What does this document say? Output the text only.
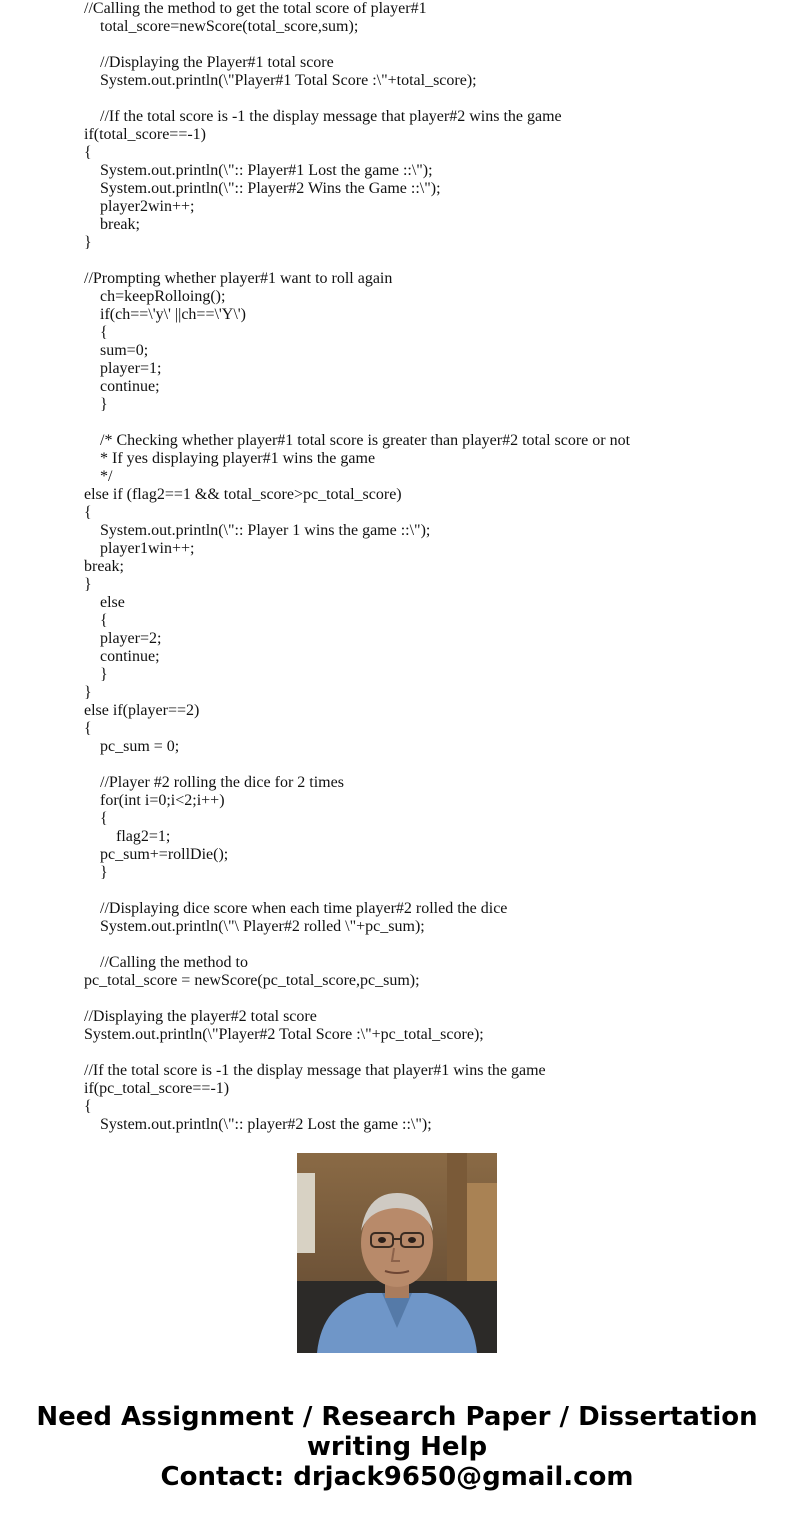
//Calling the method to get the total score of player#1
total_score=newScore(total_score,sum);
//Displaying the Player#1 total score
System.out.println(\"Player#1 Total Score :\"+total_score);
//If the total score is -1 the display message that player#2 wins the game
if(total_score==-1)
{
System.out.println(\":: Player#1 Lost the game ::\");
System.out.println(\":: Player#2 Wins the Game ::\");
player2win++;
break;
}
//Prompting whether player#1 want to roll again
ch=keepRolloing();
if(ch==\'y\' ||ch==\'Y\')
{
sum=0;
player=1;
continue;
}
/* Checking whether player#1 total score is greater than player#2 total score or not
* If yes displaying player#1 wins the game
*/
else if (flag2==1 && total_score>pc_total_score)
{
System.out.println(\":: Player 1 wins the game ::\");
player1win++;
break;
}
else
{
player=2;
continue;
}
}
else if(player==2)
{
pc_sum = 0;
//Player #2 rolling the dice for 2 times
for(int i=0;i<2;i++)
{
flag2=1;
pc_sum+=rollDie();
}
//Displaying dice score when each time player#2 rolled the dice
System.out.println(\"\ Player#2 rolled \"+pc_sum);
//Calling the method to
pc_total_score = newScore(pc_total_score,pc_sum);
//Displaying the player#2 total score
System.out.println(\"Player#2 Total Score :\"+pc_total_score);
//If the total score is -1 the display message that player#1 wins the game
if(pc_total_score==-1)
{
System.out.println(\":: player#2 Lost the game ::\");
Need Assignment / Research Paper / Dissertation writing Help
Contact: drjack9650@gmail.com
